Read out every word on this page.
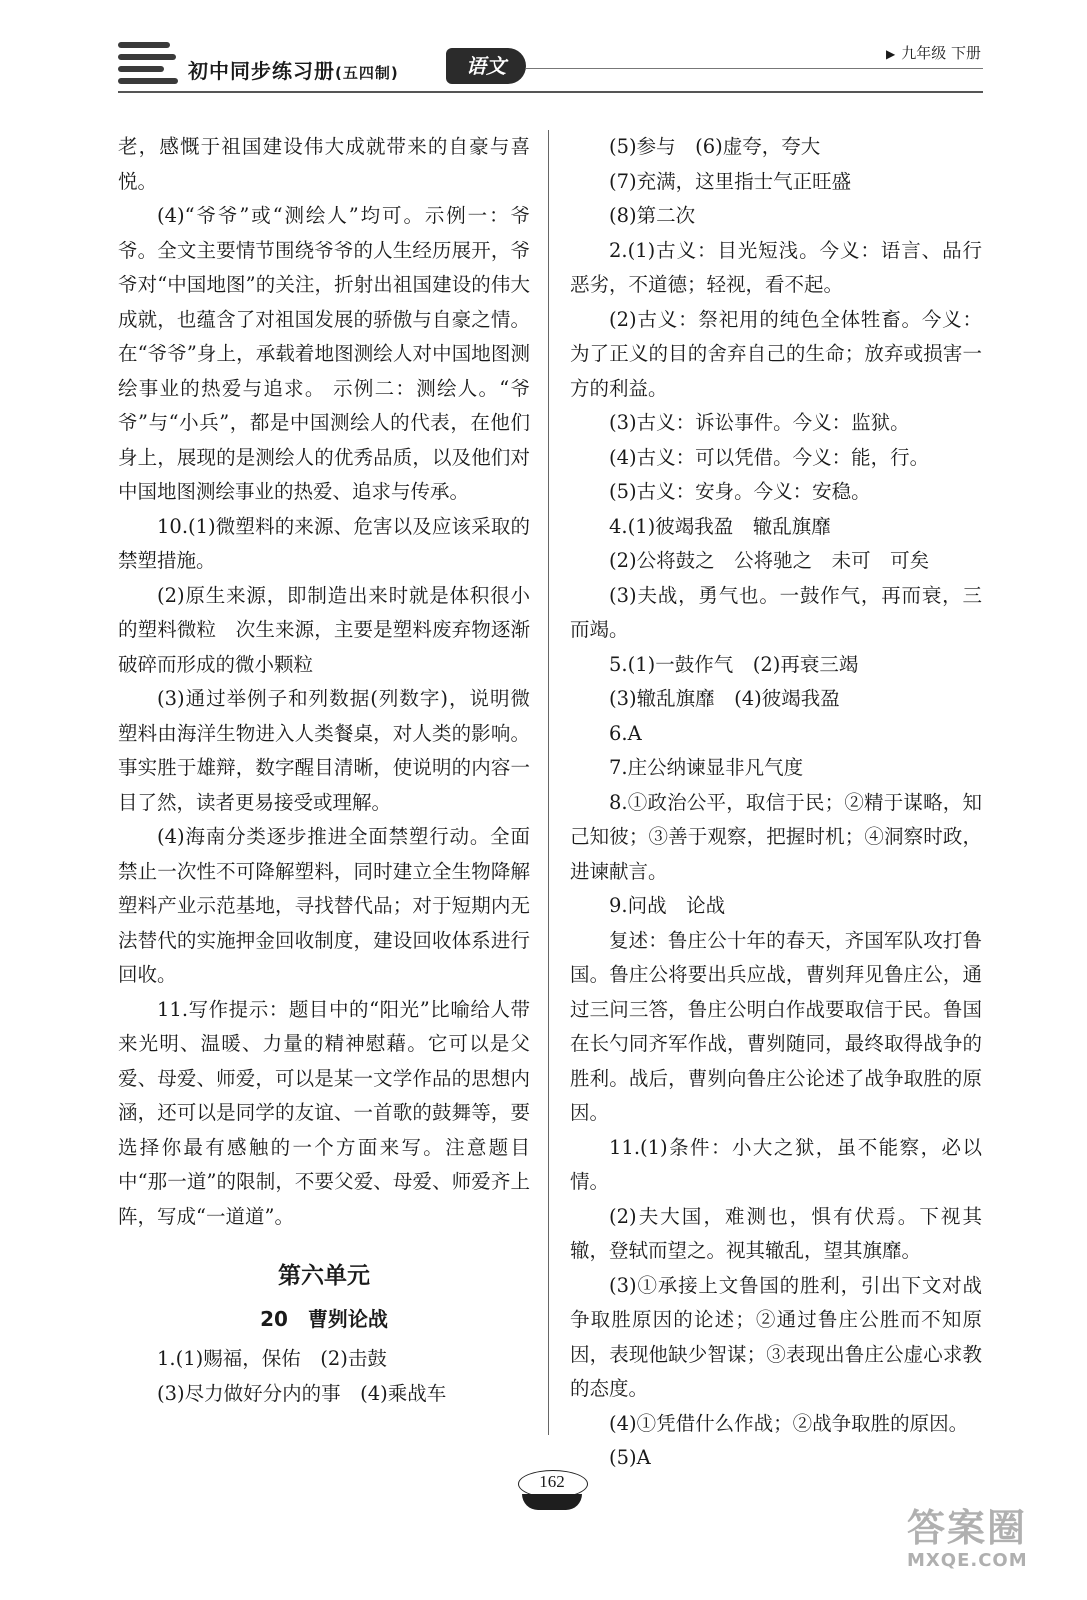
初中同步练习册(五四制)	语文	▶ 九年级 下册

老，感慨于祖国建设伟大成就带来的自豪与喜悦。

(4)“爷爷”或“测绘人”均可。示例一：爷爷。全文主要情节围绕爷爷的人生经历展开，爷爷对“中国地图”的关注，折射出祖国建设的伟大成就，也蕴含了对祖国发展的骄傲与自豪之情。在“爷爷”身上，承载着地图测绘人对中国地图测绘事业的热爱与追求。 示例二：测绘人。“爷爷”与“小兵”，都是中国测绘人的代表，在他们身上，展现的是测绘人的优秀品质，以及他们对中国地图测绘事业的热爱、追求与传承。

10.(1)微塑料的来源、危害以及应该采取的禁塑措施。

(2)原生来源，即制造出来时就是体积很小的塑料微粒　次生来源，主要是塑料废弃物逐渐破碎而形成的微小颗粒

(3)通过举例子和列数据(列数字)，说明微塑料由海洋生物进入人类餐桌，对人类的影响。事实胜于雄辩，数字醒目清晰，使说明的内容一目了然，读者更易接受或理解。

(4)海南分类逐步推进全面禁塑行动。全面禁止一次性不可降解塑料，同时建立全生物降解塑料产业示范基地，寻找替代品；对于短期内无法替代的实施押金回收制度，建设回收体系进行回收。

11.写作提示：题目中的“阳光”比喻给人带来光明、温暖、力量的精神慰藉。它可以是父爱、母爱、师爱，可以是某一文学作品的思想内涵，还可以是同学的友谊、一首歌的鼓舞等，要选择你最有感触的一个方面来写。注意题目中“那一道”的限制，不要父爱、母爱、师爱齐上阵，写成“一道道”。

第六单元

20　曹刿论战

1.(1)赐福，保佑　(2)击鼓

(3)尽力做好分内的事　(4)乘战车

(5)参与　(6)虚夸，夸大

(7)充满，这里指士气正旺盛

(8)第二次

2.(1)古义：目光短浅。今义：语言、品行恶劣，不道德；轻视，看不起。

(2)古义：祭祀用的纯色全体牲畜。今义：为了正义的目的舍弃自己的生命；放弃或损害一方的利益。

(3)古义：诉讼事件。今义：监狱。

(4)古义：可以凭借。今义：能，行。

(5)古义：安身。今义：安稳。

4.(1)彼竭我盈　辙乱旗靡

(2)公将鼓之　公将驰之　未可　可矣

(3)夫战，勇气也。一鼓作气，再而衰，三而竭。

5.(1)一鼓作气　(2)再衰三竭

(3)辙乱旗靡　(4)彼竭我盈

6.A

7.庄公纳谏显非凡气度

8.①政治公平，取信于民；②精于谋略，知己知彼；③善于观察，把握时机；④洞察时政，进谏献言。

9.问战　论战

复述：鲁庄公十年的春天，齐国军队攻打鲁国。鲁庄公将要出兵应战，曹刿拜见鲁庄公，通过三问三答，鲁庄公明白作战要取信于民。鲁国在长勺同齐军作战，曹刿随同，最终取得战争的胜利。战后，曹刿向鲁庄公论述了战争取胜的原因。

11.(1)条件：小大之狱，虽不能察，必以情。

(2)夫大国，难测也，惧有伏焉。下视其辙，登轼而望之。视其辙乱，望其旗靡。

(3)①承接上文鲁国的胜利，引出下文对战争取胜原因的论述；②通过鲁庄公胜而不知原因，表现他缺少智谋；③表现出鲁庄公虚心求教的态度。

(4)①凭借什么作战；②战争取胜的原因。

(5)A

162
答案圈
MXQE.COM
